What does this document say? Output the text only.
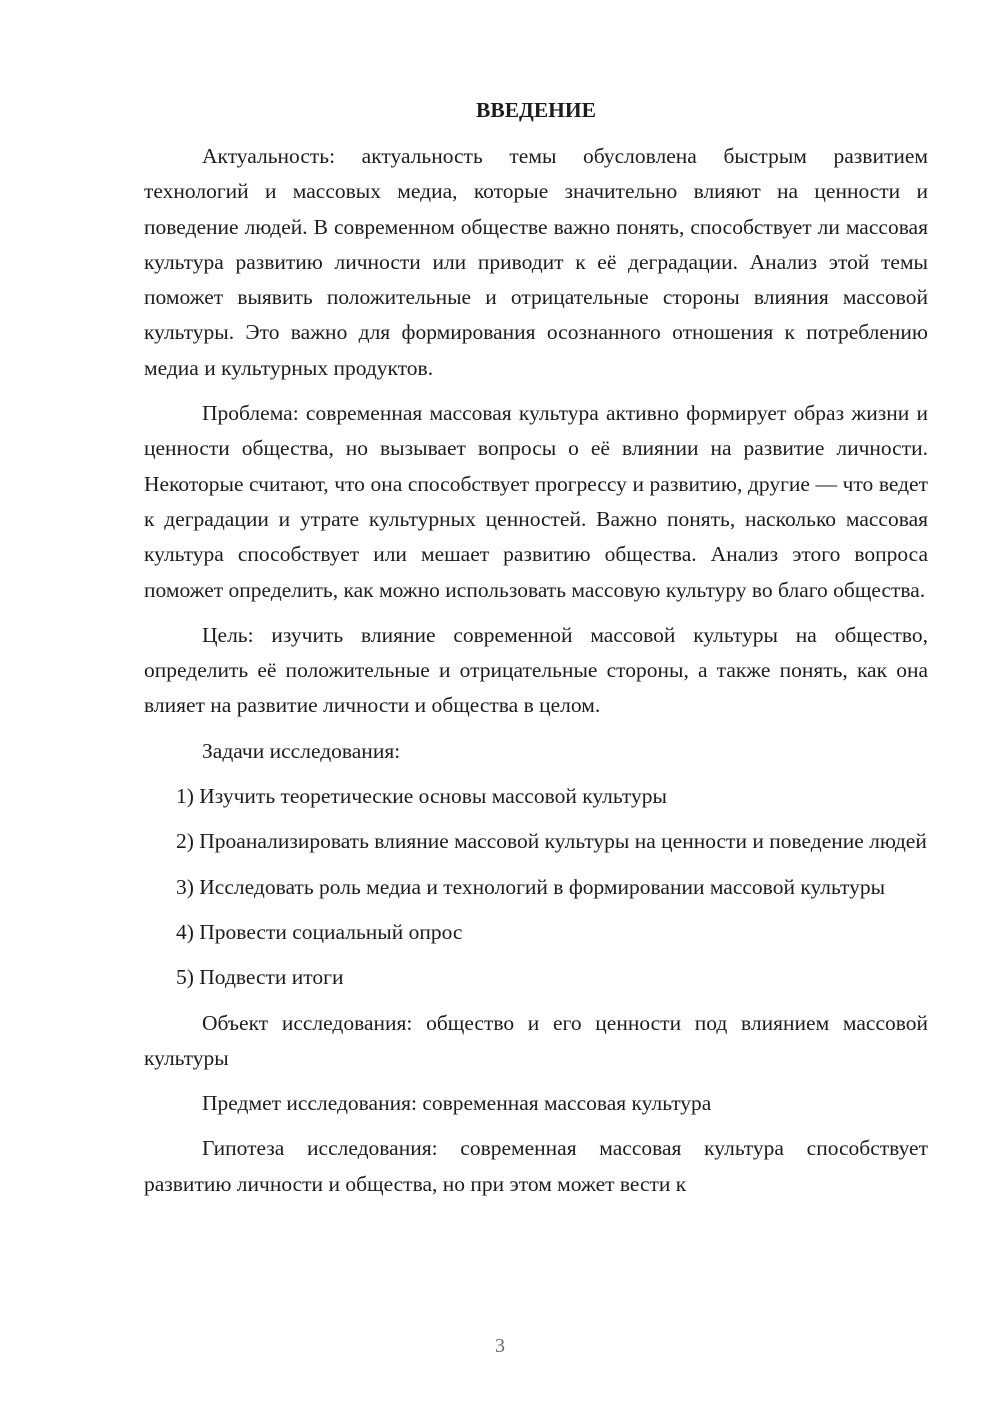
ВВЕДЕНИЕ

Актуальность: актуальность темы обусловлена быстрым развитием технологий и массовых медиа, которые значительно влияют на ценности и поведение людей. В современном обществе важно понять, способствует ли массовая культура развитию личности или приводит к её деградации. Анализ этой темы поможет выявить положительные и отрицательные стороны влияния массовой культуры. Это важно для формирования осознанного отношения к потреблению медиа и культурных продуктов.

Проблема: современная массовая культура активно формирует образ жизни и ценности общества, но вызывает вопросы о её влиянии на развитие личности. Некоторые считают, что она способствует прогрессу и развитию, другие — что ведет к деградации и утрате культурных ценностей. Важно понять, насколько массовая культура способствует или мешает развитию общества. Анализ этого вопроса поможет определить, как можно использовать массовую культуру во благо общества.

Цель: изучить влияние современной массовой культуры на общество, определить её положительные и отрицательные стороны, а также понять, как она влияет на развитие личности и общества в целом.

Задачи исследования:

1) Изучить теоретические основы массовой культуры

2) Проанализировать влияние массовой культуры на ценности и поведение людей

3) Исследовать роль медиа и технологий в формировании массовой культуры

4) Провести социальный опрос

5) Подвести итоги

Объект исследования: общество и его ценности под влиянием массовой культуры

Предмет исследования: современная массовая культура

Гипотеза исследования: современная массовая культура способствует развитию личности и общества, но при этом может вести к

3
